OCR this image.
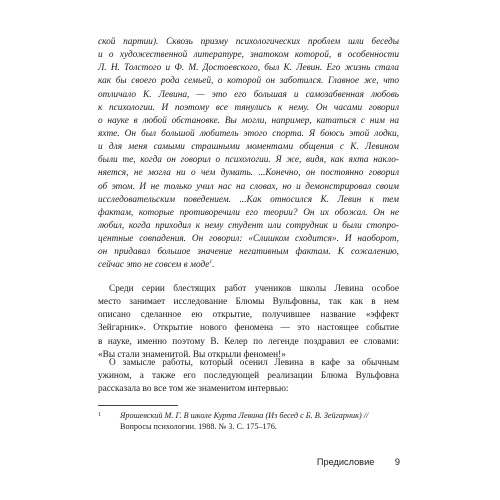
ской партии). Сквозь призму психологических проблем шли беседы
и о художественной литературе, знатоком которой, в особенности
Л. Н. Толстого и Ф. М. Достоевского, был К. Левин. Его жизнь стала
как бы своего рода семьей, о которой он заботился. Главное же, что
отличало К. Левина, — это его большая и самозабвенная любовь
к психологии. И поэтому все тянулись к нему. Он часами говорил
о науке в любой обстановке. Вы могли, например, кататься с ним на
яхте. Он был большой любитель этого спорта. Я боюсь этой лодки,
и для меня самыми страшными моментами общения с К. Левином
были те, когда он говорил о психологии. Я же, видя, как яхта накло-
няется, не могла ни о чем думать. ...Конечно, он постоянно говорил
об этом. И не только учил нас на словах, но и демонстрировал своим
исследовательским поведением. ...Как относился К. Левин к тем
фактам, которые противоречили его теории? Он их обожал. Он не
любил, когда приходил к нему студент или сотрудник и были стопро-
центные совпадения. Он говорил: «Слишком сходится». И наоборот,
он придавал большое значение негативным фактам. К сожалению,
сейчас это не совсем в моде$^1$.
Среди серии блестящих работ учеников школы Левина особое
место занимает исследование Блюмы Вульфовны, так как в нем
описано сделанное ею открытие, получившее название «эффект
Зейгарник». Открытие нового феномена — это настоящее событие
в науке, именно поэтому В. Келер по легенде поздравил ее словами:
«Вы стали знаменитой. Вы открыли феномен!»
О замысле работы, который осенил Левина в кафе за обычным
ужином, а также его последующей реализации Блюма Вульфовна
рассказала во все том же знаменитом интервью:
1 Ярошевский М. Г. В школе Курта Левина (Из бесед с Б. В. Зейгарник) //
Вопросы психологии. 1988. № 3. С. 175–176.
Предисловие 9
